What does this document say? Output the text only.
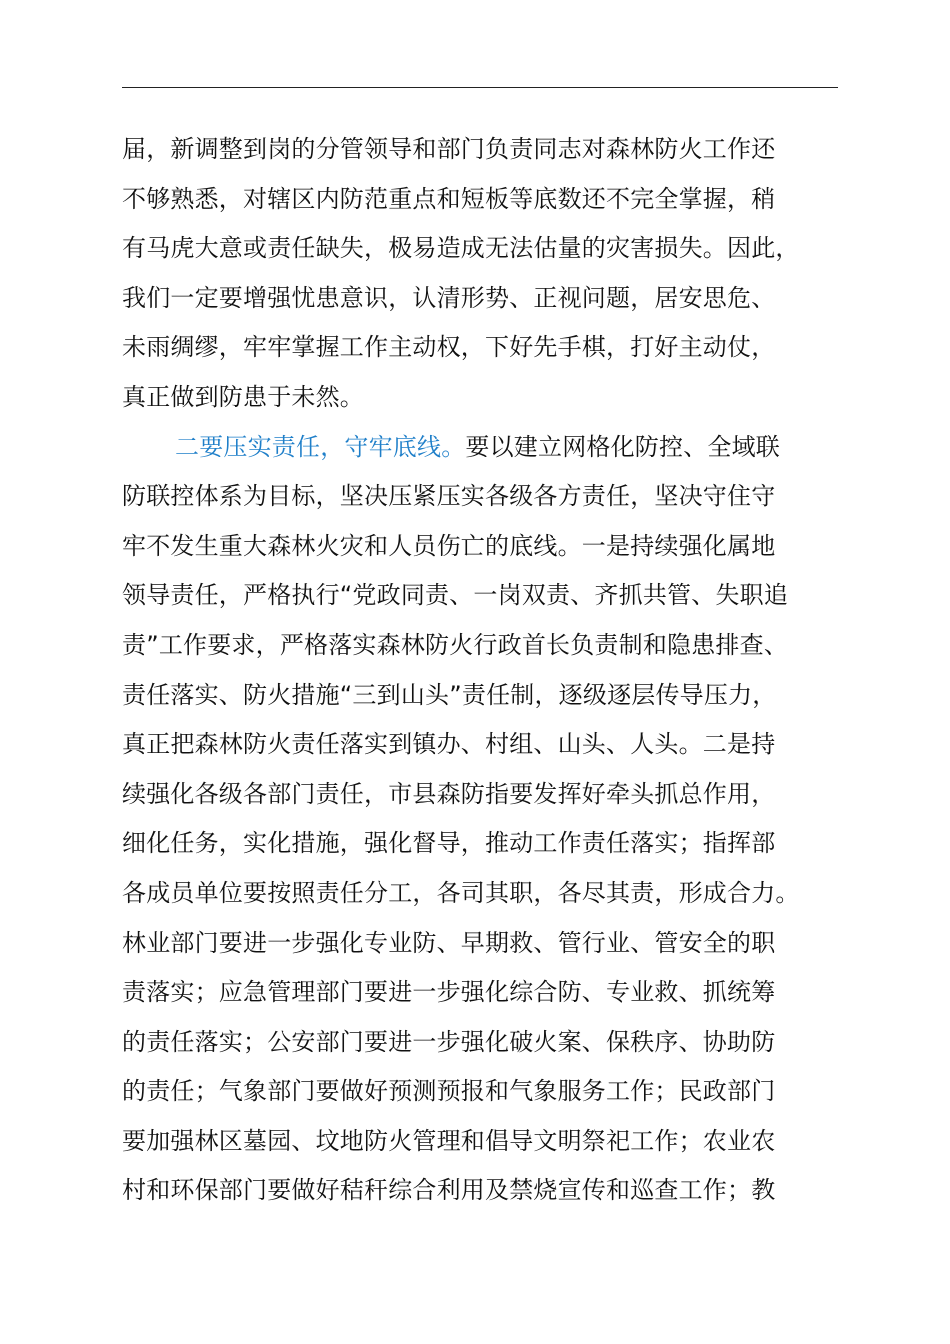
届，新调整到岗的分管领导和部门负责同志对森林防火工作还
不够熟悉，对辖区内防范重点和短板等底数还不完全掌握，稍
有马虎大意或责任缺失，极易造成无法估量的灾害损失。因此，
我们一定要增强忧患意识，认清形势、正视问题，居安思危、
未雨绸缪，牢牢掌握工作主动权，下好先手棋，打好主动仗，
真正做到防患于未然。
二要压实责任，守牢底线。要以建立网格化防控、全域联
防联控体系为目标，坚决压紧压实各级各方责任，坚决守住守
牢不发生重大森林火灾和人员伤亡的底线。一是持续强化属地
领导责任，严格执行“党政同责、一岗双责、齐抓共管、失职追
责”工作要求，严格落实森林防火行政首长负责制和隐患排查、
责任落实、防火措施“三到山头”责任制，逐级逐层传导压力，
真正把森林防火责任落实到镇办、村组、山头、人头。二是持
续强化各级各部门责任，市县森防指要发挥好牵头抓总作用，
细化任务，实化措施，强化督导，推动工作责任落实；指挥部
各成员单位要按照责任分工，各司其职，各尽其责，形成合力。
林业部门要进一步强化专业防、早期救、管行业、管安全的职
责落实；应急管理部门要进一步强化综合防、专业救、抓统筹
的责任落实；公安部门要进一步强化破火案、保秩序、协助防
的责任；气象部门要做好预测预报和气象服务工作；民政部门
要加强林区墓园、坟地防火管理和倡导文明祭祀工作；农业农
村和环保部门要做好秸秆综合利用及禁烧宣传和巡查工作；教
